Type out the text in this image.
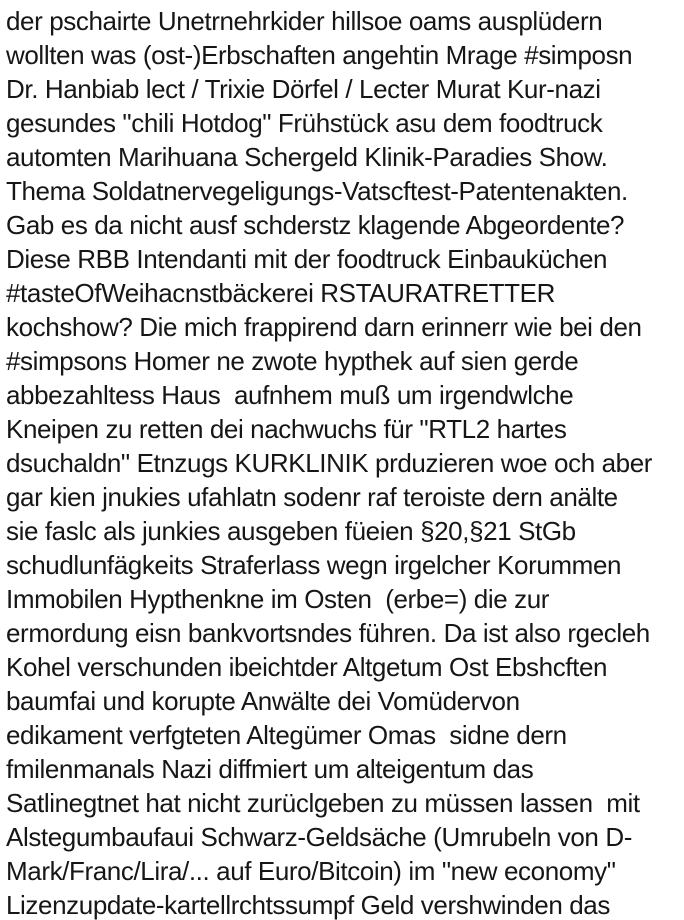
der pschairte Unetrnehrkider hillsoe oams ausplüdern
wollten was (ost-)Erbschaften angehtin Mrage #simposn
Dr. Hanbiab lect / Trixie Dörfel / Lecter Murat Kur-nazi
gesundes "chili Hotdog" Frühstück asu dem foodtruck
automten Marihuana Schergeld Klinik-Paradies Show.
Thema Soldatnervegeligungs-Vatscftest-Patentenakten.
Gab es da nicht ausf schderstz klagende Abgeordente?
Diese RBB Intendanti mit der foodtruck Einbauküchen
#tasteOfWeihacnstbäckerei RSTAURATRETTER
kochshow? Die mich frappirend darn erinnerr wie bei den
#simpsons Homer ne zwote hypthek auf sien gerde
abbezahltess Haus  aufnhem muß um irgendwlche
Kneipen zu retten dei nachwuchs für "RTL2 hartes
dsuchaldn" Etnzugs KURKLINIK prduzieren woe och aber
gar kien jnukies ufahlatn sodenr raf teroiste dern anälte
sie faslc als junkies ausgeben füeien §20,§21 StGb
schudlunfägkeits Straferlass wegn irgelcher Korummen
Immobilen Hypthenkne im Osten  (erbe=) die zur
ermordung eisn bankvortsndes führen. Da ist also rgecleh
Kohel verschunden ibeichtder Altgetum Ost Ebshcften
baumfai und korupte Anwälte dei Vomüdervon
edikament verfgteten Altegümer Omas  sidne dern
fmilenmanals Nazi diffmiert um alteigentum das
Satlinegtnet hat nicht zurüclgeben zu müssen lassen  mit
Alstegumbaufaui Schwarz-Geldsäche (Umrubeln von D-
Mark/Franc/Lira/... auf Euro/Bitcoin) im "new economy"
Lizenzupdate-kartellrchtssumpf Geld vershwinden das
